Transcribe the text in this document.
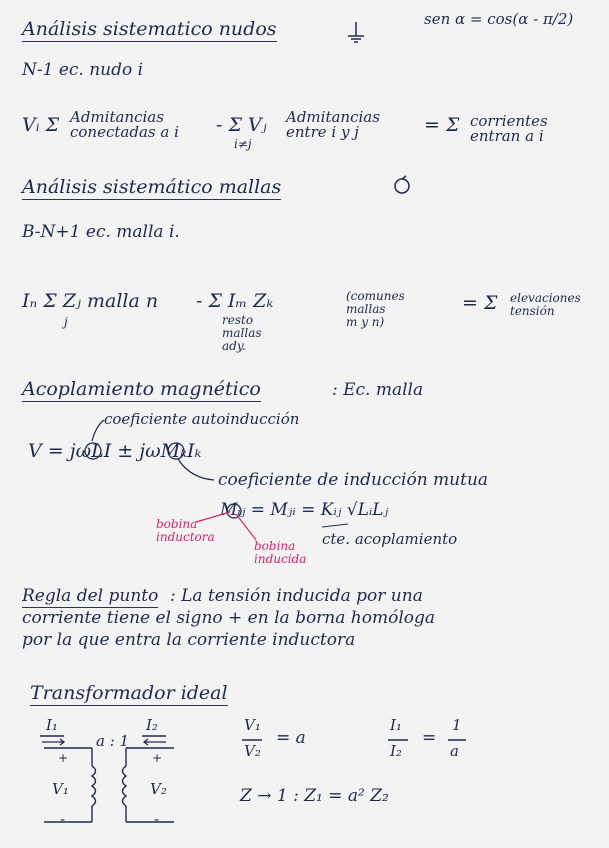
Análisis sistematico nudos	sen α = cos(α - π/2)
N-1 ec. nudo i
Vᵢ Σ Admitancias
conectadas a i - Σ Vⱼ
i≠j
Admitancias
entre i y j	= Σ corrientes
entran a i
Análisis sistemático mallas
B-N+1 ec. malla i.
Iₙ Σ Zⱼ malla n
j
- Σ Iₘ Zₖ
resto
mallas
ady.
(comunes
mallas
m y n)
= Σ elevaciones
tensión
Acoplamiento magnético	: Ec. malla
coeficiente autoinducción
V = jωLI ± jωMₖIₖ
coeficiente de inducción mutua
Mᵢⱼ = Mⱼᵢ = Kᵢⱼ √LᵢLⱼ
bobina
inductora
bobina
inducida
cte. acoplamiento
Regla del punto : La tensión inducida por una
corriente tiene el signo + en la borna homóloga
por la que entra la corriente inductora
Transformador ideal
I₁
a : 1
I₂
+	+
V₁	V₂
-	-
V₁
V₂
= a
I₁
I₂
=
1
a
Z → 1 : Z₁ = a² Z₂
